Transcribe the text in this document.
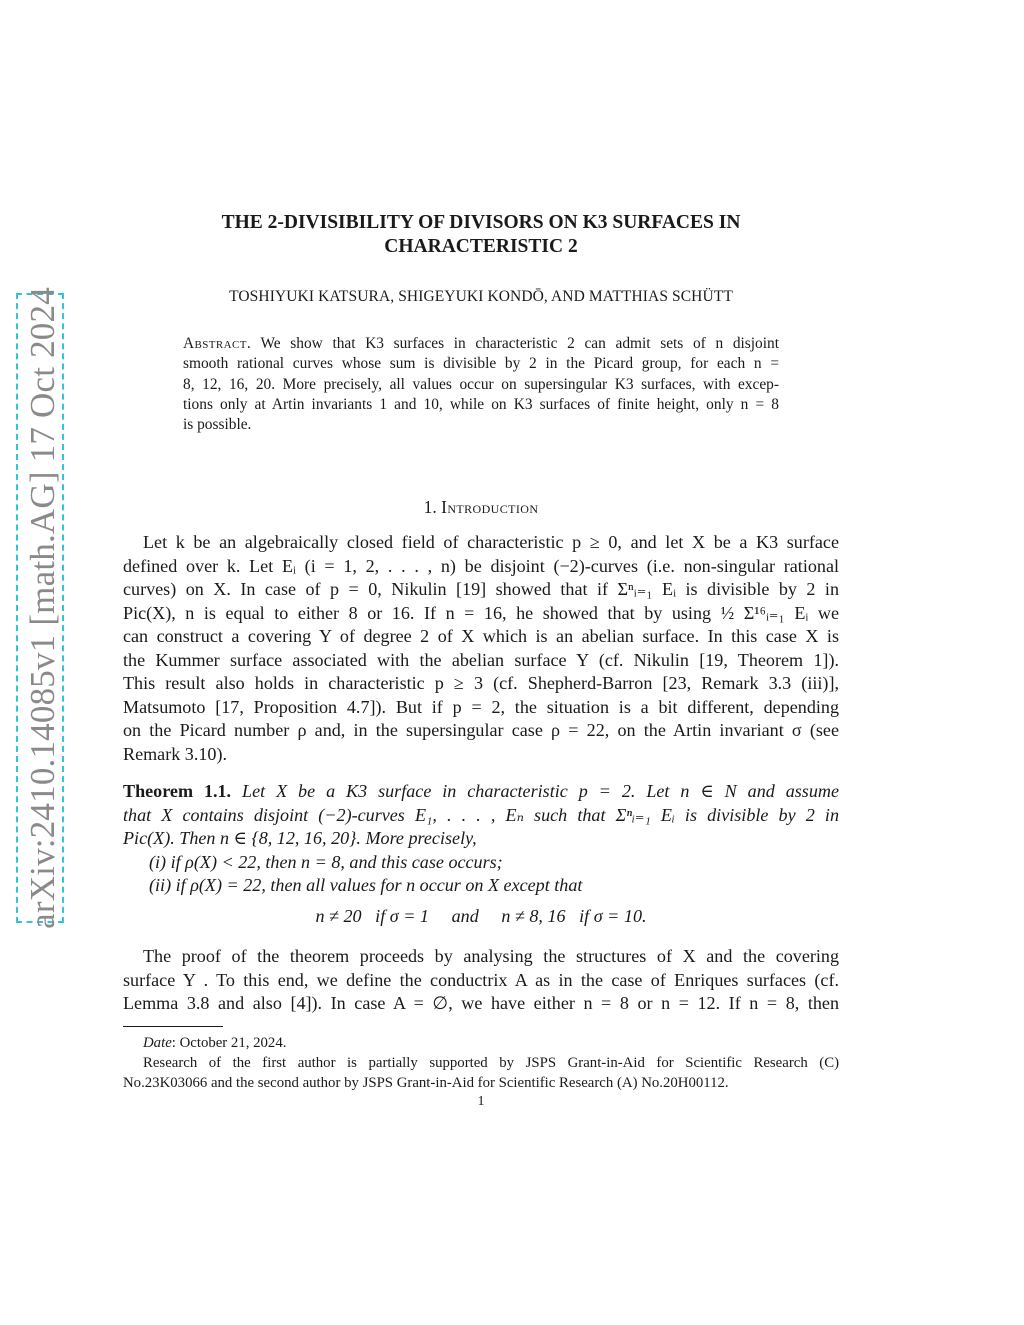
arXiv:2410.14085v1 [math.AG] 17 Oct 2024
THE 2-DIVISIBILITY OF DIVISORS ON K3 SURFACES IN
CHARACTERISTIC 2
TOSHIYUKI KATSURA, SHIGEYUKI KONDŌ, AND MATTHIAS SCHÜTT
Abstract. We show that K3 surfaces in characteristic 2 can admit sets of n disjoint
smooth rational curves whose sum is divisible by 2 in the Picard group, for each n =
8, 12, 16, 20. More precisely, all values occur on supersingular K3 surfaces, with excep-
tions only at Artin invariants 1 and 10, while on K3 surfaces of finite height, only n = 8
is possible.
1. Introduction
Let k be an algebraically closed field of characteristic p ≥ 0, and let X be a K3 surface
defined over k. Let Eᵢ (i = 1, 2, . . . , n) be disjoint (−2)-curves (i.e. non-singular rational
curves) on X. In case of p = 0, Nikulin [19] showed that if Σⁿᵢ₌₁ Eᵢ is divisible by 2 in
Pic(X), n is equal to either 8 or 16. If n = 16, he showed that by using ½ Σ¹⁶ᵢ₌₁ Eᵢ we
can construct a covering Y of degree 2 of X which is an abelian surface. In this case X is
the Kummer surface associated with the abelian surface Y (cf. Nikulin [19, Theorem 1]).
This result also holds in characteristic p ≥ 3 (cf. Shepherd-Barron [23, Remark 3.3 (iii)],
Matsumoto [17, Proposition 4.7]). But if p = 2, the situation is a bit different, depending
on the Picard number ρ and, in the supersingular case ρ = 22, on the Artin invariant σ (see
Remark 3.10).
Theorem 1.1. Let X be a K3 surface in characteristic p = 2. Let n ∈ N and assume
that X contains disjoint (−2)-curves E₁, . . . , Eₙ such that Σⁿᵢ₌₁ Eᵢ is divisible by 2 in
Pic(X). Then n ∈ {8, 12, 16, 20}. More precisely,
(i) if ρ(X) < 22, then n = 8, and this case occurs;
(ii) if ρ(X) = 22, then all values for n occur on X except that
n ≠ 20   if σ = 1     and     n ≠ 8, 16   if σ = 10.
The proof of the theorem proceeds by analysing the structures of X and the covering
surface Y . To this end, we define the conductrix A as in the case of Enriques surfaces (cf.
Lemma 3.8 and also [4]). In case A = ∅, we have either n = 8 or n = 12. If n = 8, then
Date: October 21, 2024.
Research of the first author is partially supported by JSPS Grant-in-Aid for Scientific Research (C)
No.23K03066 and the second author by JSPS Grant-in-Aid for Scientific Research (A) No.20H00112.
1
